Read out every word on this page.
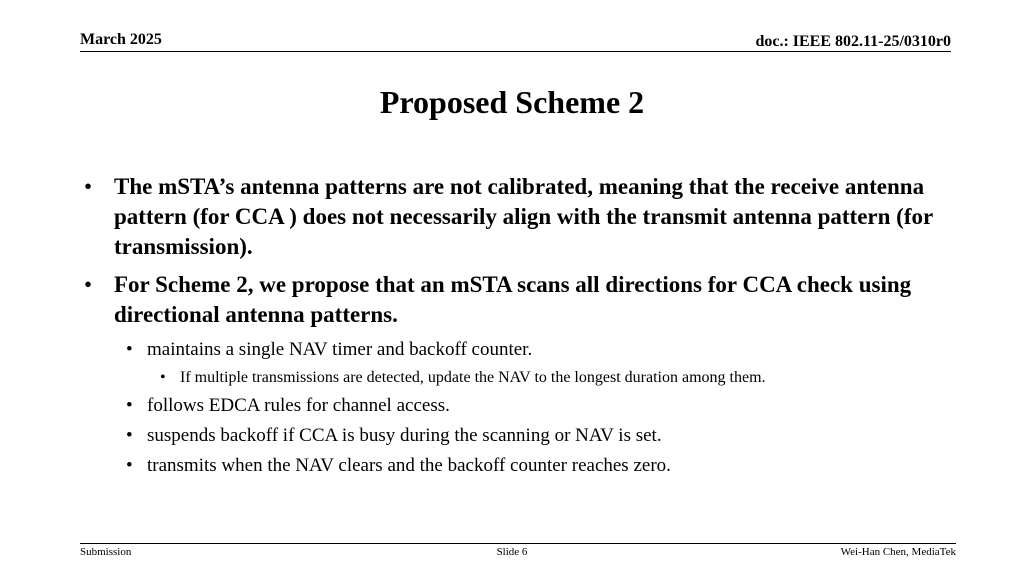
March 2025	doc.: IEEE 802.11-25/0310r0
Proposed Scheme 2
• The mSTA’s antenna patterns are not calibrated, meaning that the receive antenna pattern (for CCA ) does not necessarily align with the transmit antenna pattern (for transmission).
• For Scheme 2, we propose that an mSTA scans all directions for CCA check using directional antenna patterns.
• maintains a single NAV timer and backoff counter.
• If multiple transmissions are detected, update the NAV to the longest duration among them.
• follows EDCA rules for channel access.
• suspends backoff if CCA is busy during the scanning or NAV is set.
• transmits when the NAV clears and the backoff counter reaches zero.
Submission	Slide 6	Wei-Han Chen, MediaTek
